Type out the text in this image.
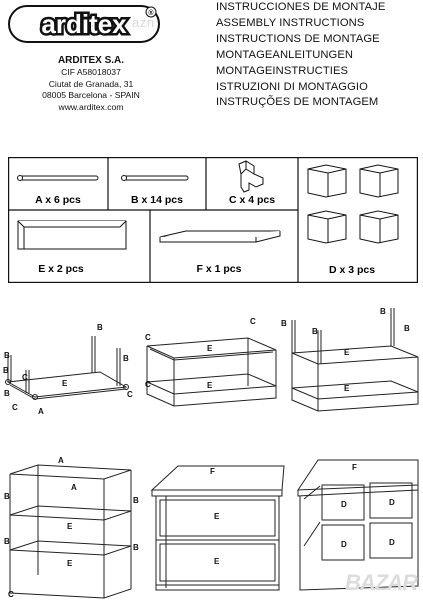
arditex	®
azn
ARDITEX S.A.
CIF A58018037
Ciutat de Granada, 31
08005 Barcelona - SPAIN
www.arditex.com
INSTRUCCIONES DE MONTAJE
ASSEMBLY INSTRUCTIONS
INSTRUCTIONS DE MONTAGE
MONTAGEANLEITUNGEN
MONTAGEINSTRUCTIES
ISTRUZIONI DI MONTAGGIO
INSTRUÇÕES DE MONTAGEM
A x 6 pcs	B x 14 pcs	C x 4 pcs
D x 3 pcs
E x 2 pcs	F x 1 pcs
B
B
C
B
C	A
E
B
B
C
C
C
C
E
E
B
B
B
B
E
E
A
A
B
B
B
B
C
E
E
F
E
E
F
D	D
D	D
BAZAR
